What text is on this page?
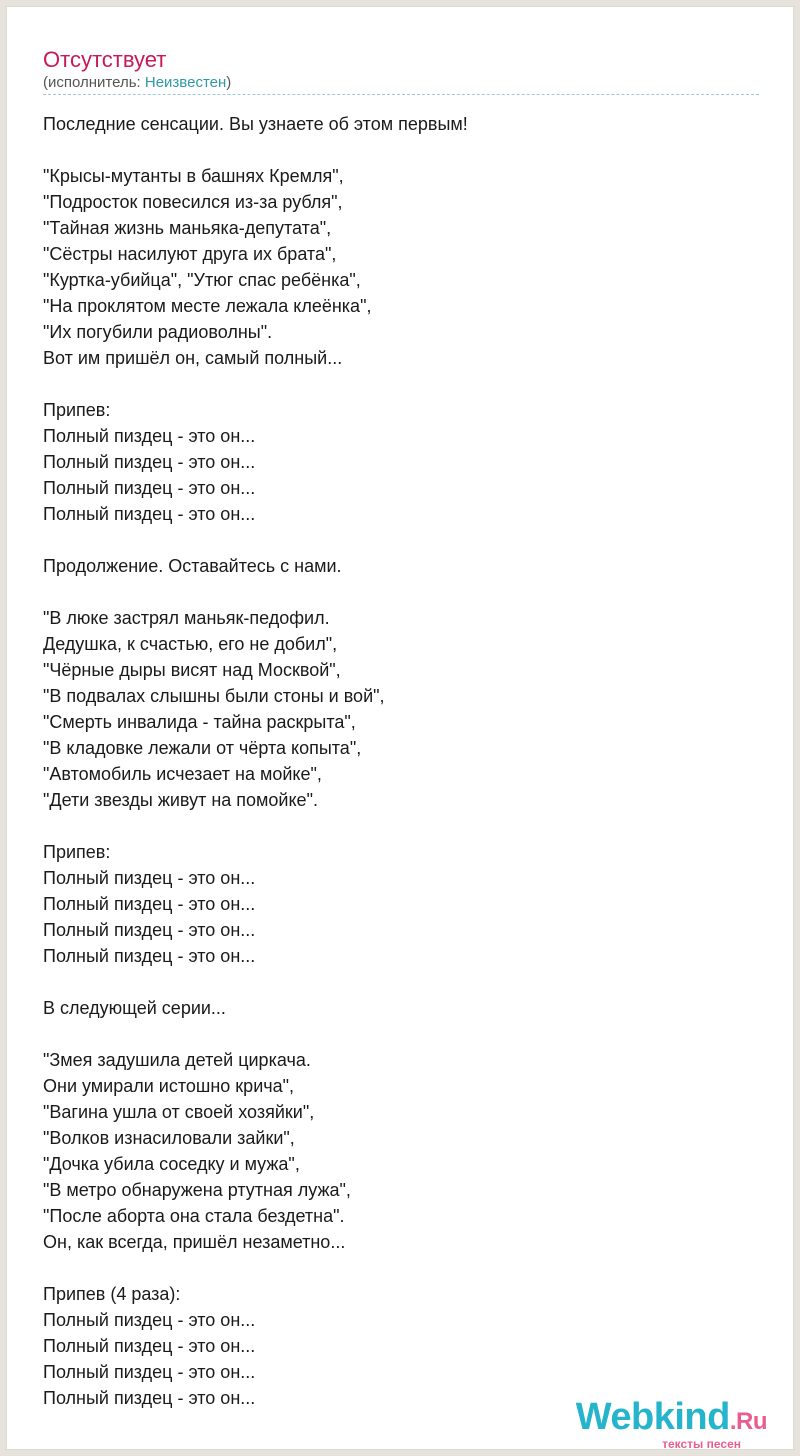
Отсутствует
(исполнитель: Неизвестен)
Последние сенсации. Вы узнаете об этом первым!
"Крысы-мутанты в башнях Кремля",
"Подросток повесился из-за рубля",
"Тайная жизнь маньяка-депутата",
"Сёстры насилуют друга их брата",
"Куртка-убийца", "Утюг спас ребёнка",
"На проклятом месте лежала клеёнка",
"Их погубили радиоволны".
Вот им пришёл он, самый полный...
Припев:
Полный пиздец - это он...
Полный пиздец - это он...
Полный пиздец - это он...
Полный пиздец - это он...
Продолжение. Оставайтесь с нами.
"В люке застрял маньяк-педофил.
Дедушка, к счастью, его не добил",
"Чёрные дыры висят над Москвой",
"В подвалах слышны были стоны и вой",
"Смерть инвалида - тайна раскрыта",
"В кладовке лежали от чёрта копыта",
"Автомобиль исчезает на мойке",
"Дети звезды живут на помойке".
Припев:
Полный пиздец - это он...
Полный пиздец - это он...
Полный пиздец - это он...
Полный пиздец - это он...
В следующей серии...
"Змея задушила детей циркача.
Они умирали истошно крича",
"Вагина ушла от своей хозяйки",
"Волков изнасиловали зайки",
"Дочка убила соседку и мужа",
"В метро обнаружена ртутная лужа",
"После аборта она стала бездетна".
Он, как всегда, пришёл незаметно...
Припев (4 раза):
Полный пиздец - это он...
Полный пиздец - это он...
Полный пиздец - это он...
Полный пиздец - это он...	Webkind.Ru
тексты песен
